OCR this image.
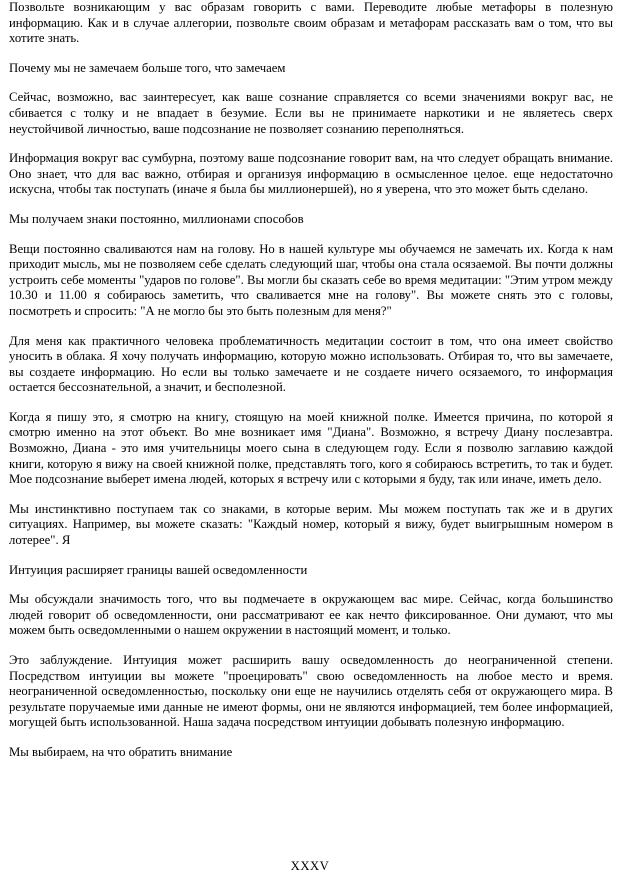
Позвольте возникающим у вас образам говорить с вами. Переводите любые метафоры в полезную информацию. Как и в случае аллегории, позвольте своим образам и метафорам рассказать вам о том, что вы хотите знать.

Почему мы не замечаем больше того, что замечаем

Сейчас, возможно, вас заинтересует, как ваше сознание справляется со всеми значениями вокруг вас, не сбивается с толку и не впадает в безумие. Если вы не принимаете наркотики и не являетесь сверх неустойчивой личностью, ваше подсознание не позволяет сознанию переполняться.

Информация вокруг вас сумбурна, поэтому ваше подсознание говорит вам, на что следует обращать внимание. Оно знает, что для вас важно, отбирая и организуя информацию в осмысленное целое. еще недостаточно искусна, чтобы так поступать (иначе я была бы миллионершей), но я уверена, что это может быть сделано.

Мы получаем знаки постоянно, миллионами способов

Вещи постоянно сваливаются нам на голову. Но в нашей культуре мы обучаемся не замечать их. Когда к нам приходит мысль, мы не позволяем себе сделать следующий шаг, чтобы она стала осязаемой. Вы почти должны устроить себе моменты "ударов по голове". Вы могли бы сказать себе во время медитации: "Этим утром между 10.30 и 11.00 я собираюсь заметить, что сваливается мне на голову". Вы можете снять это с головы, посмотреть и спросить: "А не могло бы это быть полезным для меня?"

Для меня как практичного человека проблематичность медитации состоит в том, что она имеет свойство уносить в облака. Я хочу получать информацию, которую можно использовать. Отбирая то, что вы замечаете, вы создаете информацию. Но если вы только замечаете и не создаете ничего осязаемого, то информация остается бессознательной, а значит, и бесполезной.

Когда я пишу это, я смотрю на книгу, стоящую на моей книжной полке. Имеется причина, по которой я смотрю именно на этот объект. Во мне возникает имя "Диана". Возможно, я встречу Диану послезавтра. Возможно, Диана - это имя учительницы моего сына в следующем году. Если я позволю заглавию каждой книги, которую я вижу на своей книжной полке, представлять того, кого я собираюсь встретить, то так и будет. Мое подсознание выберет имена людей, которых я встречу или с которыми я буду, так или иначе, иметь дело.

Мы инстинктивно поступаем так со знаками, в которые верим. Мы можем поступать так же и в других ситуациях. Например, вы можете сказать: "Каждый номер, который я вижу, будет выигрышным номером в лотерее". Я

Интуиция расширяет границы вашей осведомленности

Мы обсуждали значимость того, что вы подмечаете в окружающем вас мире. Сейчас, когда большинство людей говорит об осведомленности, они рассматривают ее как нечто фиксированное. Они думают, что мы можем быть осведомленными о нашем окружении в настоящий момент, и только.

Это заблуждение. Интуиция может расширить вашу осведомленность до неограниченной степени. Посредством интуиции вы можете "проецировать" свою осведомленность на любое место и время. неограниченной осведомленностью, поскольку они еще не научились отделять себя от окружающего мира. В результате поручаемые ими данные не имеют формы, они не являются информацией, тем более информацией, могущей быть использованной. Наша задача посредством интуиции добывать полезную информацию.

Мы выбираем, на что обратить внимание

XXXV
